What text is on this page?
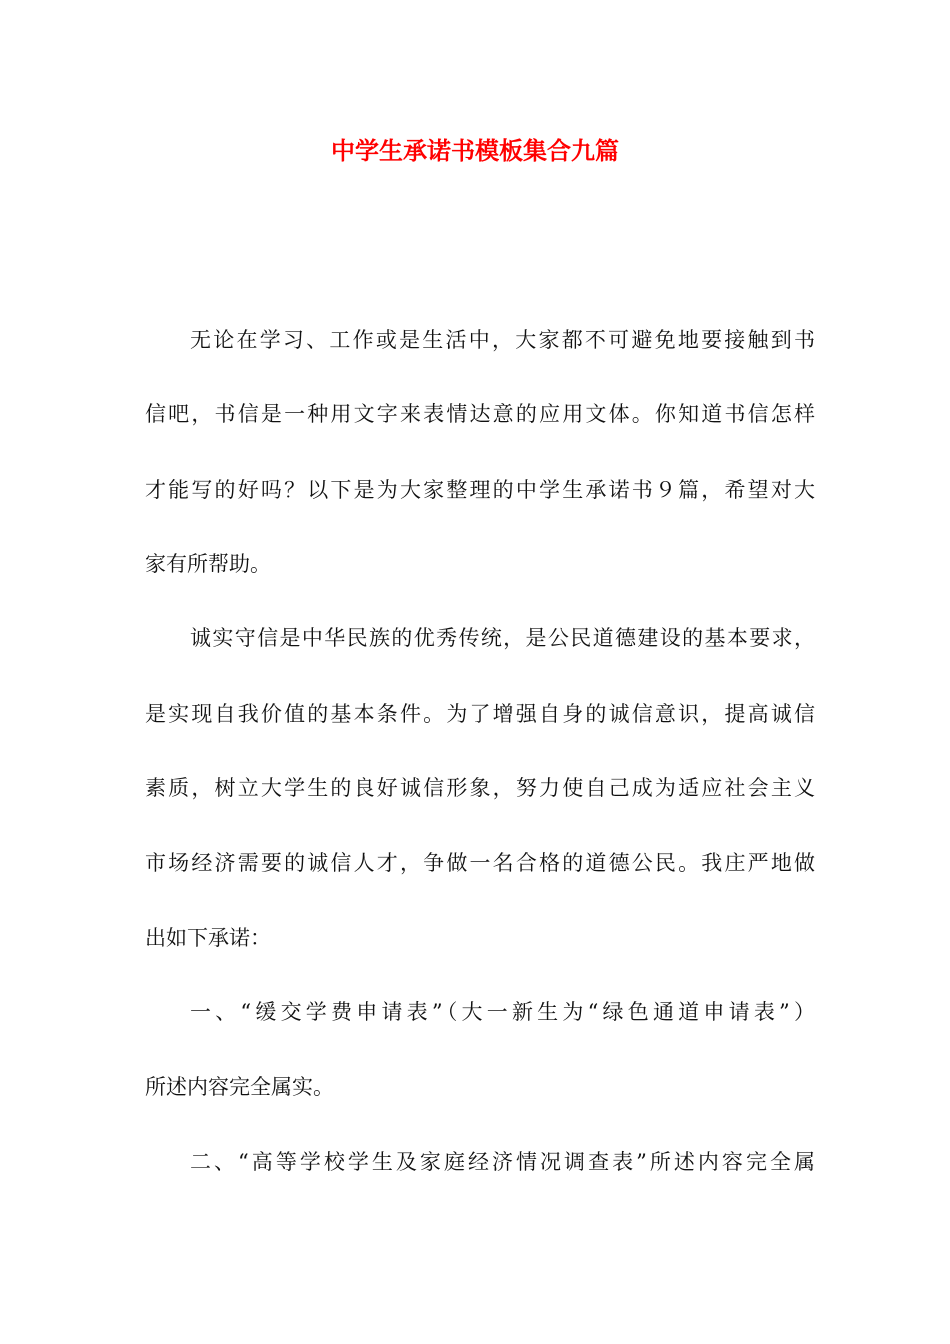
中学生承诺书模板集合九篇

无论在学习、工作或是生活中，大家都不可避免地要接触到书

信吧，书信是一种用文字来表情达意的应用文体。你知道书信怎样

才能写的好吗？以下是为大家整理的中学生承诺书９篇，希望对大

家有所帮助。

诚实守信是中华民族的优秀传统，是公民道德建设的基本要求，

是实现自我价值的基本条件。为了增强自身的诚信意识，提高诚信

素质，树立大学生的良好诚信形象，努力使自己成为适应社会主义

市场经济需要的诚信人才，争做一名合格的道德公民。我庄严地做

出如下承诺：

一、“缓交学费申请表”（大一新生为“绿色通道申请表”）

所述内容完全属实。

二、“高等学校学生及家庭经济情况调查表”所述内容完全属
